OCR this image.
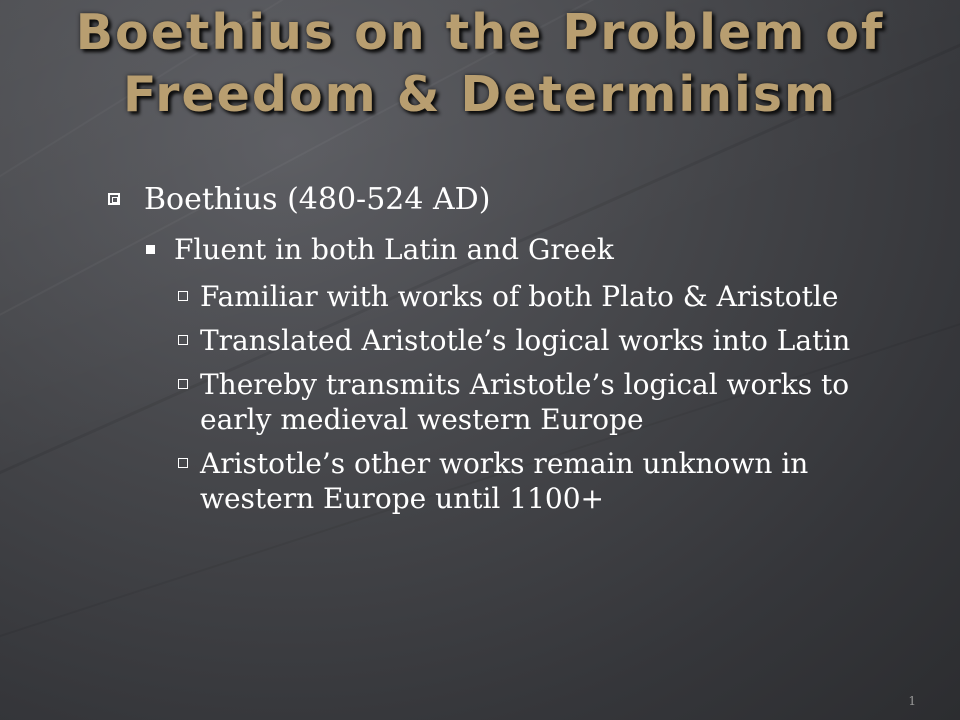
Boethius on the Problem of
Freedom & Determinism

Boethius (480-524 AD)

Fluent in both Latin and Greek

Familiar with works of both Plato & Aristotle

Translated Aristotle’s logical works into Latin

Thereby transmits Aristotle’s logical works to early medieval western Europe

Aristotle’s other works remain unknown in western Europe until 1100+

1
